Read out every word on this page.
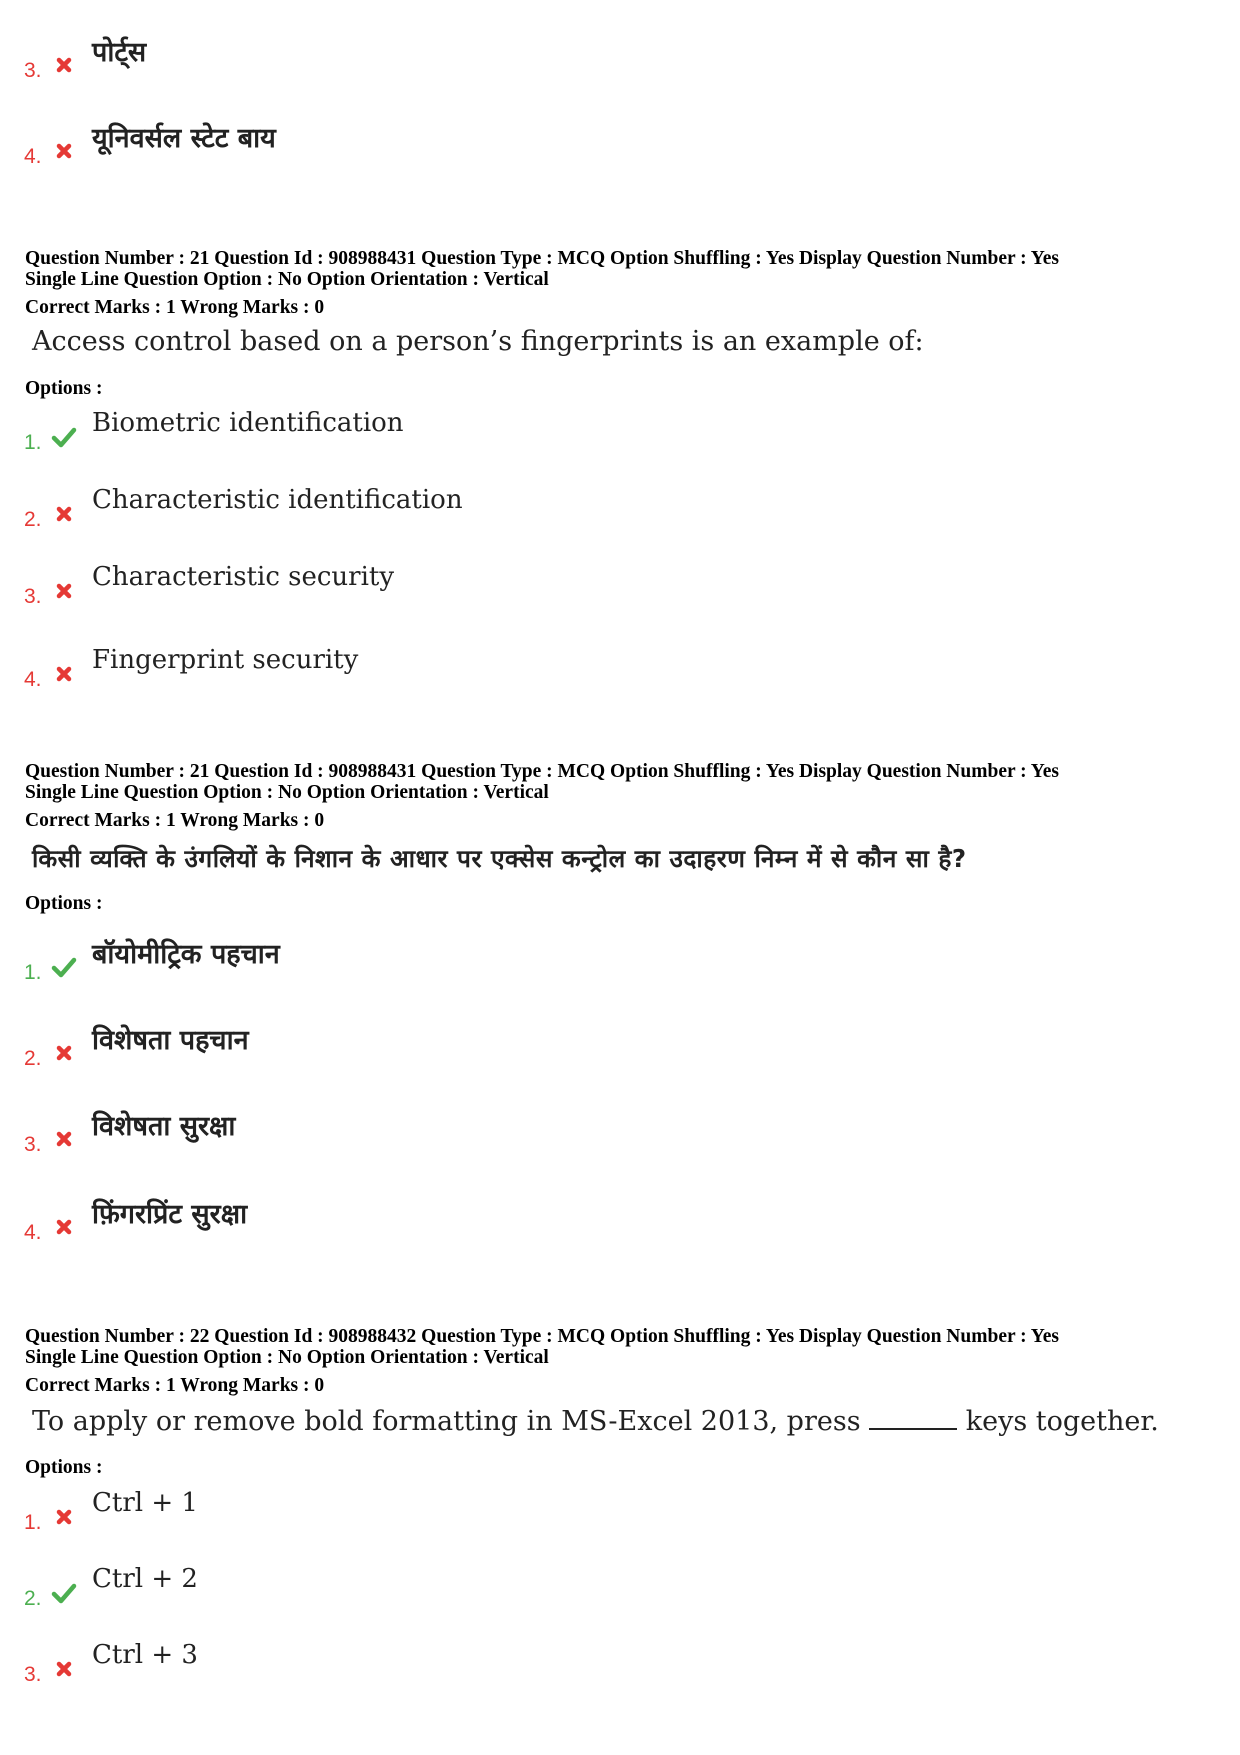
3.
पोर्ट्स
4.
यूनिवर्सल स्टेट बाय
Question Number : 21 Question Id : 908988431 Question Type : MCQ Option Shuffling : Yes Display Question Number : Yes
Single Line Question Option : No Option Orientation : Vertical
Correct Marks : 1 Wrong Marks : 0
Access control based on a person’s fingerprints is an example of:
Options :
1.
Biometric identification
2.
Characteristic identification
3.
Characteristic security
4.
Fingerprint security
Question Number : 21 Question Id : 908988431 Question Type : MCQ Option Shuffling : Yes Display Question Number : Yes
Single Line Question Option : No Option Orientation : Vertical
Correct Marks : 1 Wrong Marks : 0
किसी व्यक्ति के उंगलियों के निशान के आधार पर एक्सेस कन्ट्रोल का उदाहरण निम्न में से कौन सा है?
Options :
1.
बॉयोमीट्रिक पहचान
2.
विशेषता पहचान
3.
विशेषता सुरक्षा
4.
फ़िंगरप्रिंट सुरक्षा
Question Number : 22 Question Id : 908988432 Question Type : MCQ Option Shuffling : Yes Display Question Number : Yes
Single Line Question Option : No Option Orientation : Vertical
Correct Marks : 1 Wrong Marks : 0
To apply or remove bold formatting in MS-Excel 2013, press	keys together.
Options :
1.
Ctrl + 1
2.
Ctrl + 2
3.
Ctrl + 3
